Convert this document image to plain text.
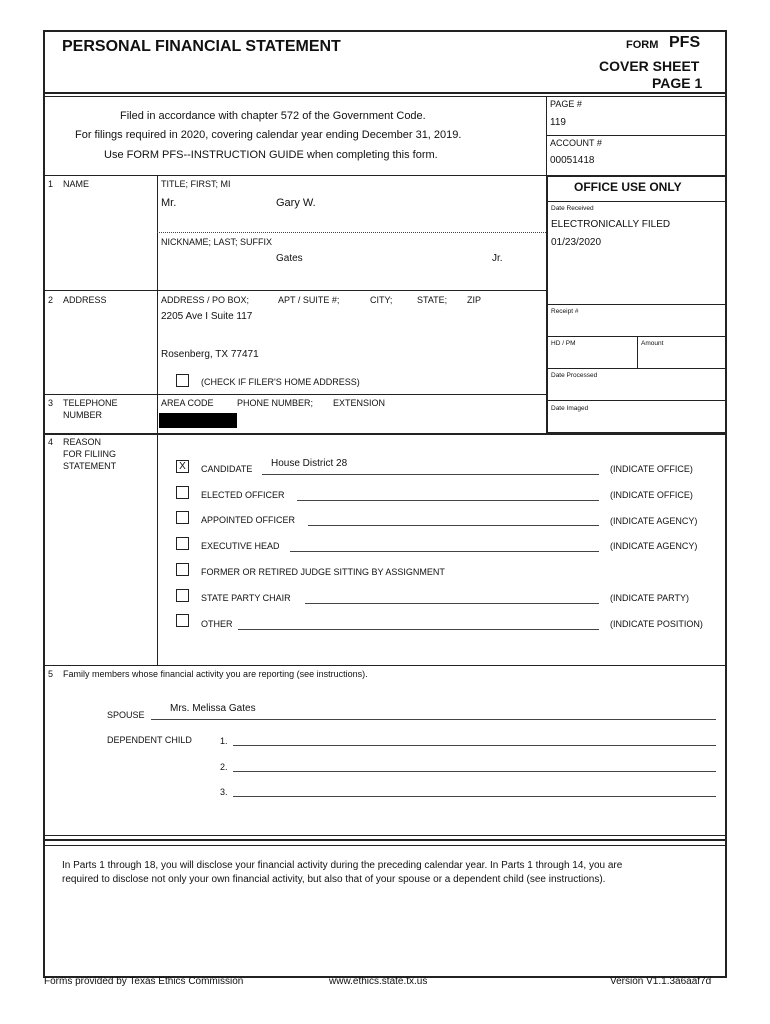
PERSONAL FINANCIAL STATEMENT	FORM PFS
COVER SHEET
PAGE 1
Filed in accordance with chapter 572 of the Government Code.
For filings required in 2020, covering calendar year ending December 31, 2019.
Use FORM PFS--INSTRUCTION GUIDE when completing this form.
PAGE #
119
ACCOUNT #
00051418
OFFICE USE ONLY
Date Received
ELECTRONICALLY FILED
01/23/2020
Receipt #
HD / PM	Amount
Date Processed
Date Imaged
1 NAME	TITLE; FIRST; MI
Mr.	Gary W.
NICKNAME; LAST; SUFFIX
Gates	Jr.
2 ADDRESS	ADDRESS / PO BOX;	APT / SUITE #;	CITY;	STATE; ZIP
2205 Ave I Suite 117
Rosenberg, TX 77471
(CHECK IF FILER'S HOME ADDRESS)
3 TELEPHONE
NUMBER
AREA CODE	PHONE NUMBER; EXTENSION
4 REASON
FOR FILIING
STATEMENT	X	CANDIDATE House District 28	(INDICATE OFFICE)
ELECTED OFFICER	(INDICATE OFFICE)
APPOINTED OFFICER	(INDICATE AGENCY)
EXECUTIVE HEAD	(INDICATE AGENCY)
FORMER OR RETIRED JUDGE SITTING BY ASSIGNMENT
STATE PARTY CHAIR	(INDICATE PARTY)
OTHER	(INDICATE POSITION)
5 Family members whose financial activity you are reporting (see instructions).
SPOUSE
Mrs. Melissa Gates
DEPENDENT CHILD	1.
2.
3.
In Parts 1 through 18, you will disclose your financial activity during the preceding calendar year. In Parts 1 through 14, you are
required to disclose not only your own financial activity, but also that of your spouse or a dependent child (see instructions).
Forms provided by Texas Ethics Commission	www.ethics.state.tx.us	Version V1.1.3a6aaf7d
